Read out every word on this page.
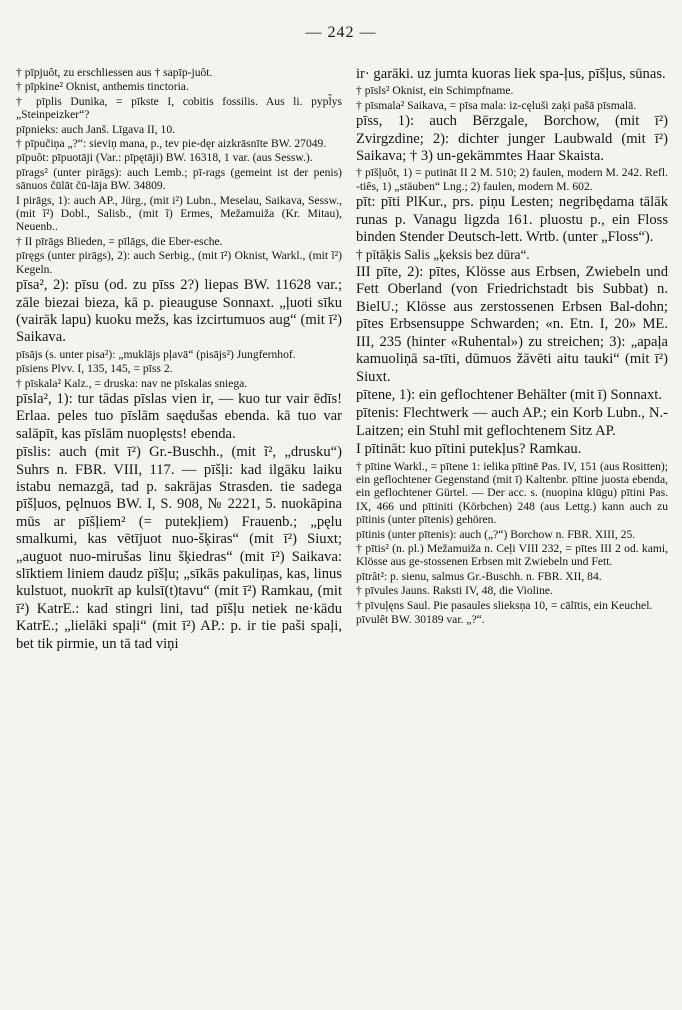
— 242 —

† pīpjuôt, zu erschliessen aus † sapīp-juôt.

† pīpkine² Oknist, anthemis tinctoria.

† pīplis Dunika, = pīkste I, cobitis fossilis. Aus li. pypl̃ys „Steinpeizker“?

pīpnieks: auch Janš. Līgava II, 10.

† pīpučiņa „?“: sieviņ mana, p., tev pie-dęr aizkrāsnīte BW. 27049.

pīpuôt: pīpuotāji (Var.: pīpętāji) BW. 16318, 1 var. (aus Sessw.).

pīrags² (unter pirāgs): auch Lemb.; pī-rags (gemeint ist der penis) sānuos čūlāt čū-lāja BW. 34809.

I pirāgs, 1): auch AP., Jürg., (mit i²) Lubn., Meselau, Saikava, Sessw., (mit ĩ²) Dobl., Salisb., (mit ĩ) Ermes, Mežamuiža (Kr. Mitau), Neuenb..

† II pīrāgs Blieden, = pīlāgs, die Eber-esche.

pīręgs (unter pirāgs), 2): auch Serbig., (mit ī²) Oknist, Warkl., (mit ĩ²) Kegeln.

pīsa², 2): pīsu (od. zu pīss 2?) liepas BW. 11628 var.; zāle biezai bieza, kā p. pieauguse Sonnaxt. „ļuoti sīku (vairāk lapu) kuoku mežs, kas izcirtumuos aug“ (mit ī²) Saikava.

pīsājs (s. unter pisa²): „muklājs pļavā“ (pisājs²) Jungfernhof.

pīsiens Plvv. I, 135, 145, = pīss 2.

† pīskala² Kalz., = druska: nav ne pīskalas sniega.

pīsla², 1): tur tādas pīslas vien ir, — kuo tur vair ēdīs! Erlaa. peles tuo pīslām saędušas ebenda. kā tuo var salāpīt, kas pīslām nuoplęsts! ebenda.

pīslis: auch (mit ī²) Gr.-Buschh., (mit ĩ², „drusku“) Suhrs n. FBR. VIII, 117. — pīšļi: kad ilgāku laiku istabu nemazgā, tad p. sakrājas Strasden. tie sadega pīšļuos, pęlnuos BW. I, S. 908, № 2221, 5. nuokāpina mūs ar pīšļiem² (= putekļiem) Frauenb.; „pęlu smalkumi, kas vētījuot nuo-šķiras“ (mit ī²) Siuxt; „auguot nuo-mirušas linu šķiedras“ (mit ī²) Saikava: slīktiem liniem daudz pīšļu; „sīkās pakuliņas, kas, linus kulstuot, nuokrīt ap kulsī(t)tavu“ (mit ī²) Ramkau, (mit ī²) KatrE.: kad stingri lini, tad pīšļu netiek ne·kādu KatrE.; „lielāki spaļi“ (mit ī²) AP.: p. ir tie paši spaļi, bet tik pirmie, un tā tad viņi

ir· garāki. uz jumta kuoras liek spa-ļus, pīšļus, sūnas.

† pīsls² Oknist, ein Schimpfname.

† pīsmala² Saikava, = pīsa mala: iz-cęluši zaķi pašā pīsmalā.

pīss, 1): auch Bērzgale, Borchow, (mit ī²) Zvirgzdine; 2): dichter junger Laubwald (mit ī²) Saikava; † 3) un-gekämmtes Haar Skaista.

† pīšļuôt, 1) = putināt II 2 M. 510; 2) faulen, modern M. 242. Refl. -tiês, 1) „stäuben“ Lng.; 2) faulen, modern M. 602.

pīt: pīti PlKur., prs. piņu Lesten; negribędama tālāk runas p. Vanagu ligzda 161. pluostu p., ein Floss binden Stender Deutsch-lett. Wrtb. (unter „Floss“).

† pītāķis Salis „ķeksis bez dūra“.

III pīte, 2): pītes, Klösse aus Erbsen, Zwiebeln und Fett Oberland (von Friedrichstadt bis Subbat) n. BielU.; Klösse aus zerstossenen Erbsen Bal-dohn; pītes Erbsensuppe Schwarden; «n. Etn. I, 20» ME. III, 235 (hinter «Ruhental») zu streichen; 3): „apaļa kamuoliņā sa-tīti, dūmuos žāvēti aitu tauki“ (mit ī²) Siuxt.

pītene, 1): ein geflochtener Behälter (mit ī) Sonnaxt.

pītenis: Flechtwerk — auch AP.; ein Korb Lubn., N.-Laitzen; ein Stuhl mit geflochtenem Sitz AP.

I pītināt: kuo pītini putekļus? Ramkau.

† pītine Warkl., = pītene 1: ielika pītinē Pas. IV, 151 (aus Rositten); ein geflochtener Gegenstand (mit ī) Kaltenbr. pītine juosta ebenda, ein geflochtener Gürtel. — Der acc. s. (nuopina klūgu) pītini Pas. IX, 466 und pītiniti (Körbchen) 248 (aus Lettg.) kann auch zu pītinis (unter pītenis) gehören.

pītinis (unter pītenis): auch („?“) Borchow n. FBR. XIII, 25.

† pītis² (n. pl.) Mežamuiža n. Ceļi VIII 232, = pītes III 2 od. kami, Klösse aus ge-stossenen Erbsen mit Zwiebeln und Fett.

pītrât²: p. sienu, salmus Gr.-Buschh. n. FBR. XII, 84.

† pīvules Jauns. Raksti IV, 48, die Violine.

† pīvuļęns Saul. Pie pasaules slieksņa 10, = cālītis, ein Keuchel.

pīvulêt BW. 30189 var. „?“.
